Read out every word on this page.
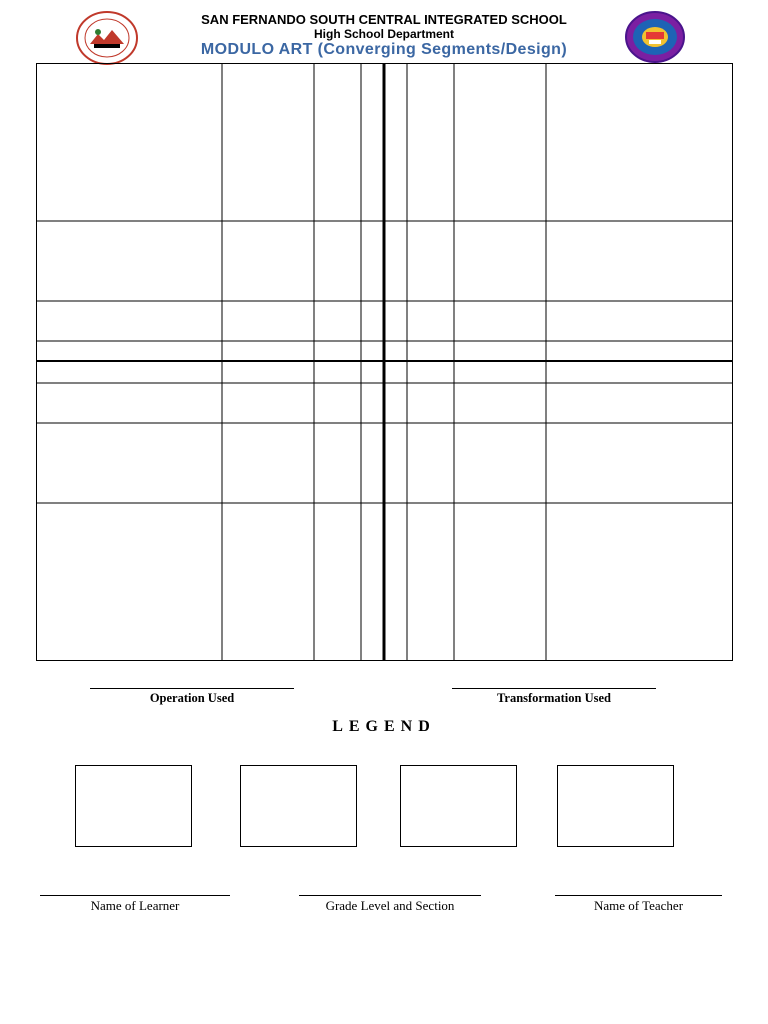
SAN FERNANDO SOUTH CENTRAL INTEGRATED SCHOOL
High School Department
MODULO ART (Converging Segments/Design)
Operation Used	Transformation Used
LEGEND
Name of Learner	Grade Level and Section	Name of Teacher
